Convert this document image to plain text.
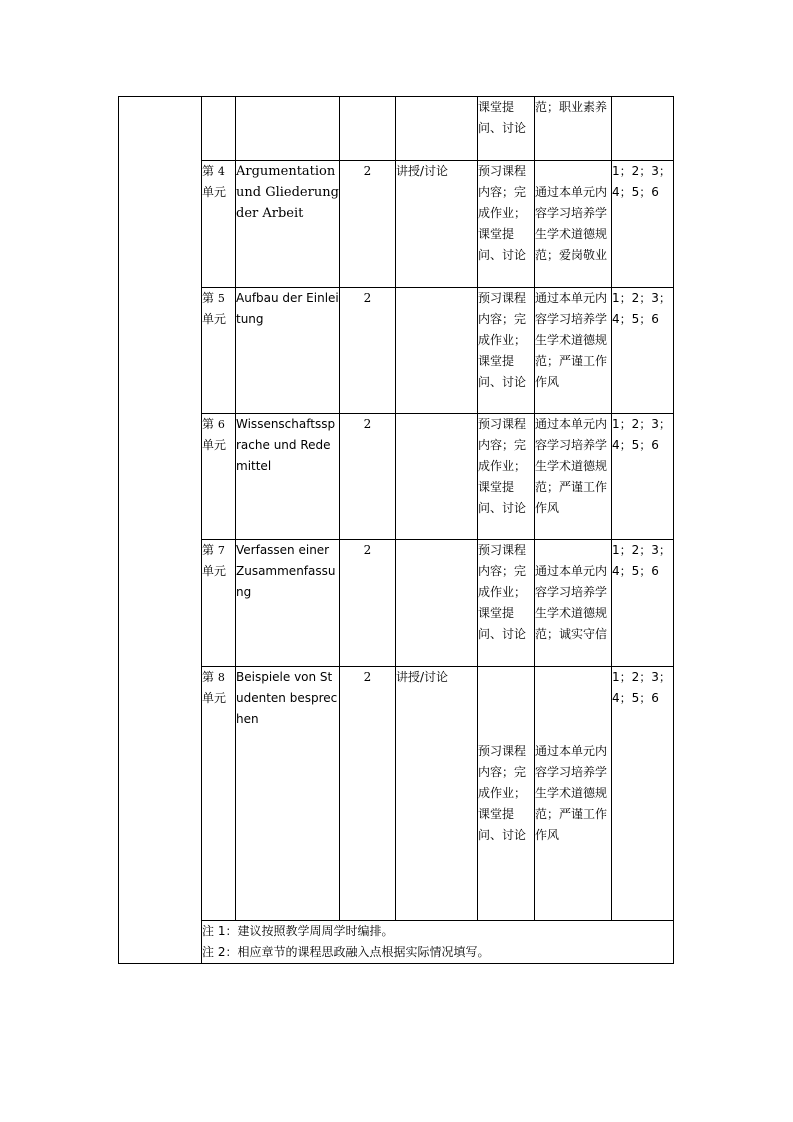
					课堂提问、讨论	范；职业素养	
	第 4 单元	Argumentation und Gliederung der Arbeit	2	讲授/讨论	预习课程内容；完成作业；课堂提问、讨论	通过本单元内容学习培养学生学术道德规范；爱岗敬业	1；2；3；4；5；6
	第 5 单元	Aufbau der Einleitung	2		预习课程内容；完成作业；课堂提问、讨论	通过本单元内容学习培养学生学术道德规范；严谨工作作风	1；2；3；4；5；6
	第 6 单元	Wissenschaftssprache und Redemittel	2		预习课程内容；完成作业；课堂提问、讨论	通过本单元内容学习培养学生学术道德规范；严谨工作作风	1；2；3；4；5；6
	第 7 单元	Verfassen einer Zusammenfassung	2		预习课程内容；完成作业；课堂提问、讨论	通过本单元内容学习培养学生学术道德规范；诚实守信	1；2；3；4；5；6
	第 8 单元	Beispiele von Studenten besprechen	2	讲授/讨论	预习课程内容；完成作业；课堂提问、讨论	通过本单元内容学习培养学生学术道德规范；严谨工作作风	1；2；3；4；5；6

	注 1：建议按照教学周周学时编排。
注 2：相应章节的课程思政融入点根据实际情况填写。						
